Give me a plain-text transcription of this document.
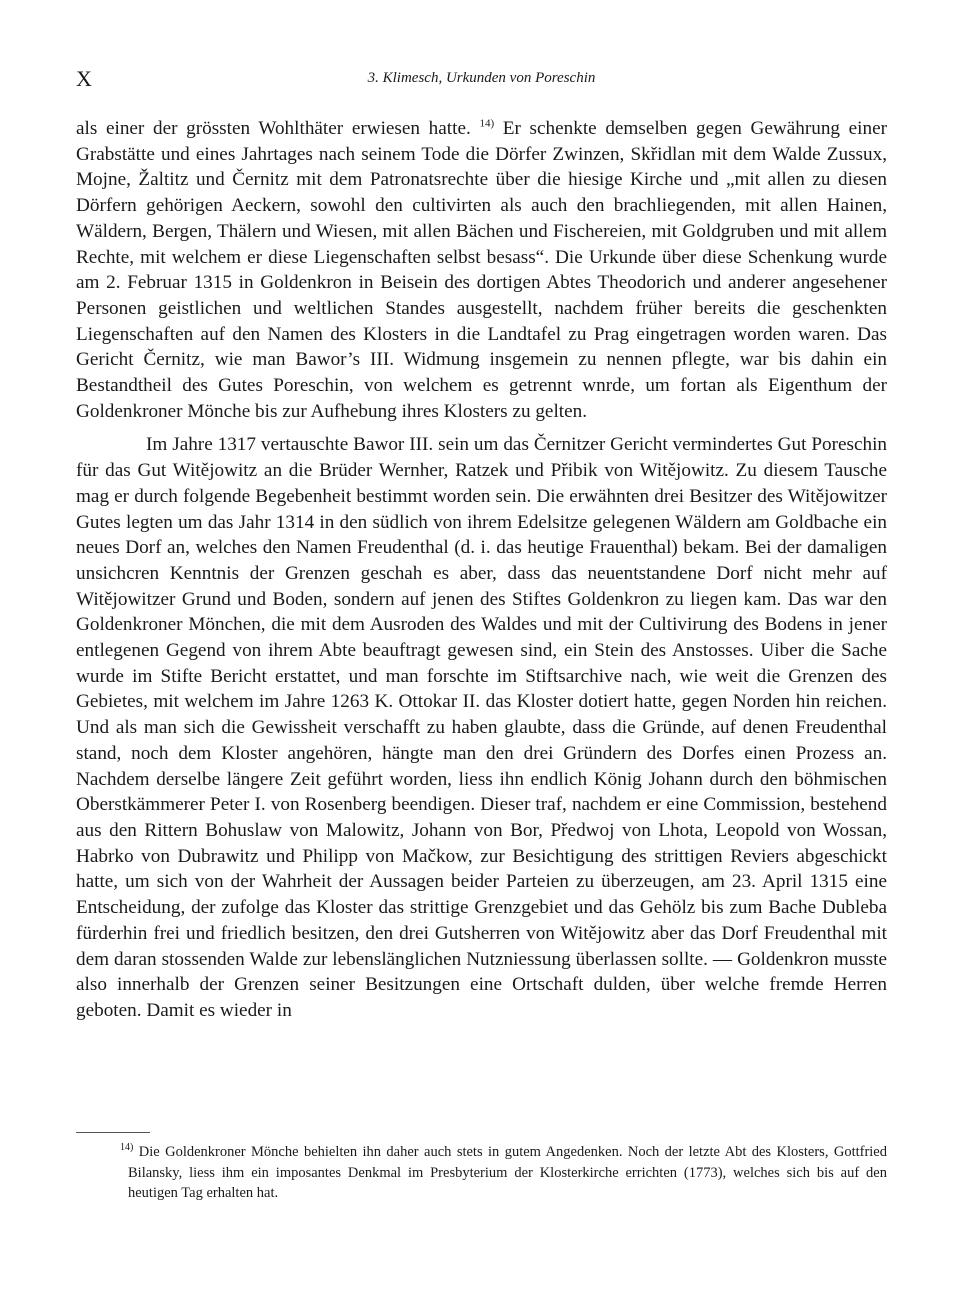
X	3. Klimesch, Urkunden von Poreschin

als einer der grössten Wohlthäter erwiesen hatte. $^{14)}$ Er schenkte demselben gegen Gewährung einer Grabstätte und eines Jahrtages nach seinem Tode die Dörfer Zwinzen, Skřidlan mit dem Walde Zussux, Mojne, Žaltitz und Černitz mit dem Patronatsrechte über die hiesige Kirche und „mit allen zu diesen Dörfern gehörigen Aeckern, sowohl den cultivirten als auch den brachliegenden, mit allen Hainen, Wäldern, Bergen, Thälern und Wiesen, mit allen Bächen und Fischereien, mit Goldgruben und mit allem Rechte, mit welchem er diese Liegenschaften selbst besass“. Die Urkunde über diese Schenkung wurde am 2. Februar 1315 in Goldenkron in Beisein des dortigen Abtes Theodorich und anderer angesehener Personen geistlichen und weltlichen Standes ausgestellt, nachdem früher bereits die geschenkten Liegenschaften auf den Namen des Klosters in die Landtafel zu Prag eingetragen worden waren. Das Gericht Černitz, wie man Bawor’s III. Widmung insgemein zu nennen pflegte, war bis dahin ein Bestandtheil des Gutes Poreschin, von welchem es getrennt wnrde, um fortan als Eigenthum der Goldenkroner Mönche bis zur Aufhebung ihres Klosters zu gelten.

Im Jahre 1317 vertauschte Bawor III. sein um das Černitzer Gericht vermindertes Gut Poreschin für das Gut Witějowitz an die Brüder Wernher, Ratzek und Přibik von Witějowitz. Zu diesem Tausche mag er durch folgende Begebenheit bestimmt worden sein. Die erwähnten drei Besitzer des Witějowitzer Gutes legten um das Jahr 1314 in den südlich von ihrem Edelsitze gelegenen Wäldern am Goldbache ein neues Dorf an, welches den Namen Freudenthal (d. i. das heutige Frauenthal) bekam. Bei der damaligen unsichcren Kenntnis der Grenzen geschah es aber, dass das neuentstandene Dorf nicht mehr auf Witějowitzer Grund und Boden, sondern auf jenen des Stiftes Goldenkron zu liegen kam. Das war den Goldenkroner Mönchen, die mit dem Ausroden des Waldes und mit der Cultivirung des Bodens in jener entlegenen Gegend von ihrem Abte beauftragt gewesen sind, ein Stein des Anstosses. Uiber die Sache wurde im Stifte Bericht erstattet, und man forschte im Stiftsarchive nach, wie weit die Grenzen des Gebietes, mit welchem im Jahre 1263 K. Ottokar II. das Kloster dotiert hatte, gegen Norden hin reichen. Und als man sich die Gewissheit verschafft zu haben glaubte, dass die Gründe, auf denen Freudenthal stand, noch dem Kloster angehören, hängte man den drei Gründern des Dorfes einen Prozess an. Nachdem derselbe längere Zeit geführt worden, liess ihn endlich König Johann durch den böhmischen Oberstkämmerer Peter I. von Rosenberg beendigen. Dieser traf, nachdem er eine Commission, bestehend aus den Rittern Bohuslaw von Malowitz, Johann von Bor, Předwoj von Lhota, Leopold von Wossan, Habrko von Dubrawitz und Philipp von Mačkow, zur Besichtigung des strittigen Reviers abgeschickt hatte, um sich von der Wahrheit der Aussagen beider Parteien zu überzeugen, am 23. April 1315 eine Entscheidung, der zufolge das Kloster das strittige Grenzgebiet und das Gehölz bis zum Bache Dubleba fürderhin frei und friedlich besitzen, den drei Gutsherren von Witějowitz aber das Dorf Freudenthal mit dem daran stossenden Walde zur lebenslänglichen Nutzniessung überlassen sollte. — Goldenkron musste also innerhalb der Grenzen seiner Besitzungen eine Ortschaft dulden, über welche fremde Herren geboten. Damit es wieder in

$^{14)}$ Die Goldenkroner Mönche behielten ihn daher auch stets in gutem Angedenken. Noch der letzte Abt des Klosters, Gottfried Bilansky, liess ihm ein imposantes Denkmal im Presbyterium der Klosterkirche errichten (1773), welches sich bis auf den heutigen Tag erhalten hat.
